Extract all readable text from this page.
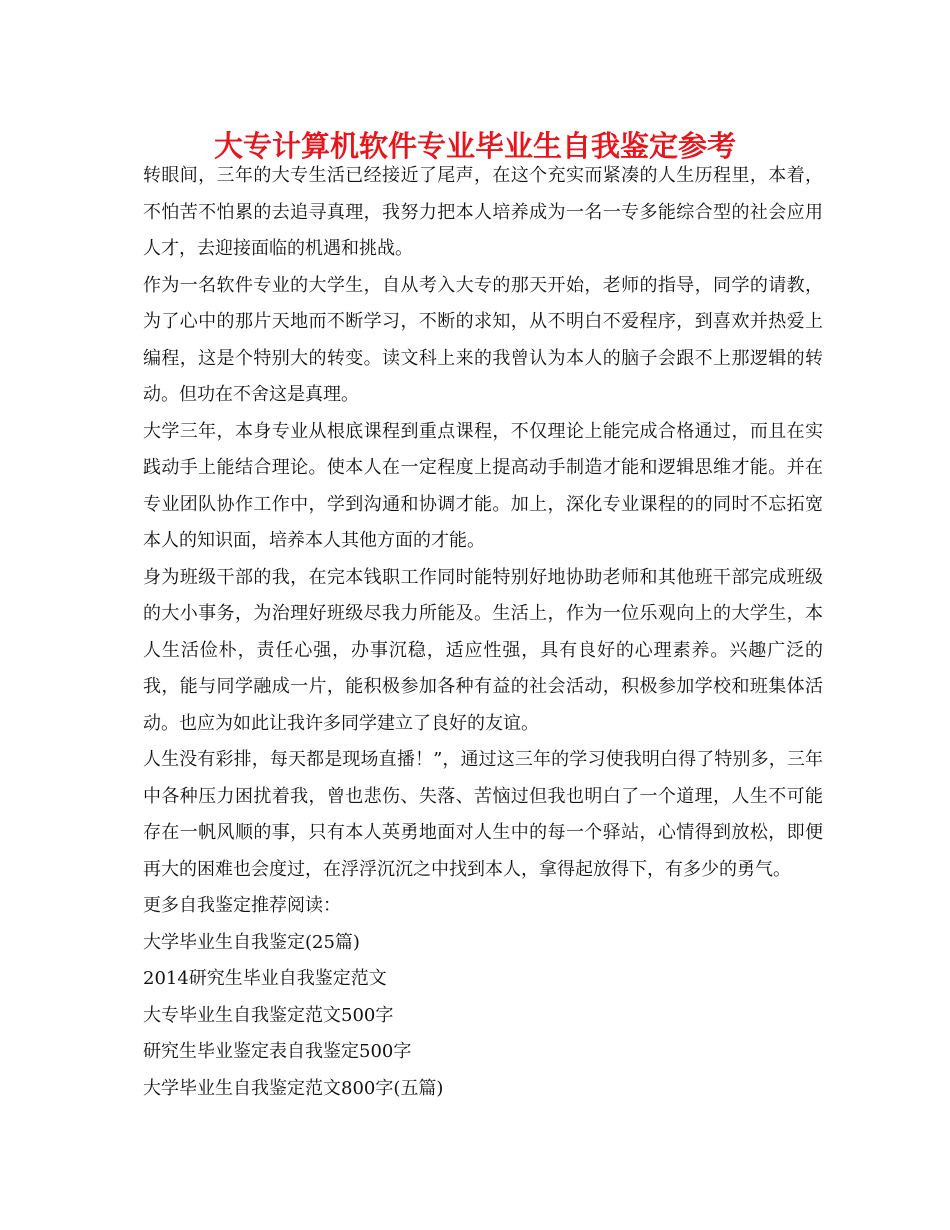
大专计算机软件专业毕业生自我鉴定参考

转眼间，三年的大专生活已经接近了尾声，在这个充实而紧凑的人生历程里，本着，不怕苦不怕累的去追寻真理，我努力把本人培养成为一名一专多能综合型的社会应用人才，去迎接面临的机遇和挑战。

作为一名软件专业的大学生，自从考入大专的那天开始，老师的指导，同学的请教，为了心中的那片天地而不断学习，不断的求知，从不明白不爱程序，到喜欢并热爱上编程，这是个特别大的转变。读文科上来的我曾认为本人的脑子会跟不上那逻辑的转动。但功在不舍这是真理。

大学三年，本身专业从根底课程到重点课程，不仅理论上能完成合格通过，而且在实践动手上能结合理论。使本人在一定程度上提高动手制造才能和逻辑思维才能。并在专业团队协作工作中，学到沟通和协调才能。加上，深化专业课程的的同时不忘拓宽本人的知识面，培养本人其他方面的才能。

身为班级干部的我，在完本钱职工作同时能特别好地协助老师和其他班干部完成班级的大小事务，为治理好班级尽我力所能及。生活上，作为一位乐观向上的大学生，本人生活俭朴，责任心强，办事沉稳，适应性强，具有良好的心理素养。兴趣广泛的我，能与同学融成一片，能积极参加各种有益的社会活动，积极参加学校和班集体活动。也应为如此让我许多同学建立了良好的友谊。

人生没有彩排，每天都是现场直播！”，通过这三年的学习使我明白得了特别多，三年中各种压力困扰着我，曾也悲伤、失落、苦恼过但我也明白了一个道理，人生不可能存在一帆风顺的事，只有本人英勇地面对人生中的每一个驿站，心情得到放松，即便再大的困难也会度过，在浮浮沉沉之中找到本人，拿得起放得下，有多少的勇气。

更多自我鉴定推荐阅读：

大学毕业生自我鉴定(25篇)
2014研究生毕业自我鉴定范文
大专毕业生自我鉴定范文500字
研究生毕业鉴定表自我鉴定500字
大学毕业生自我鉴定范文800字(五篇)
